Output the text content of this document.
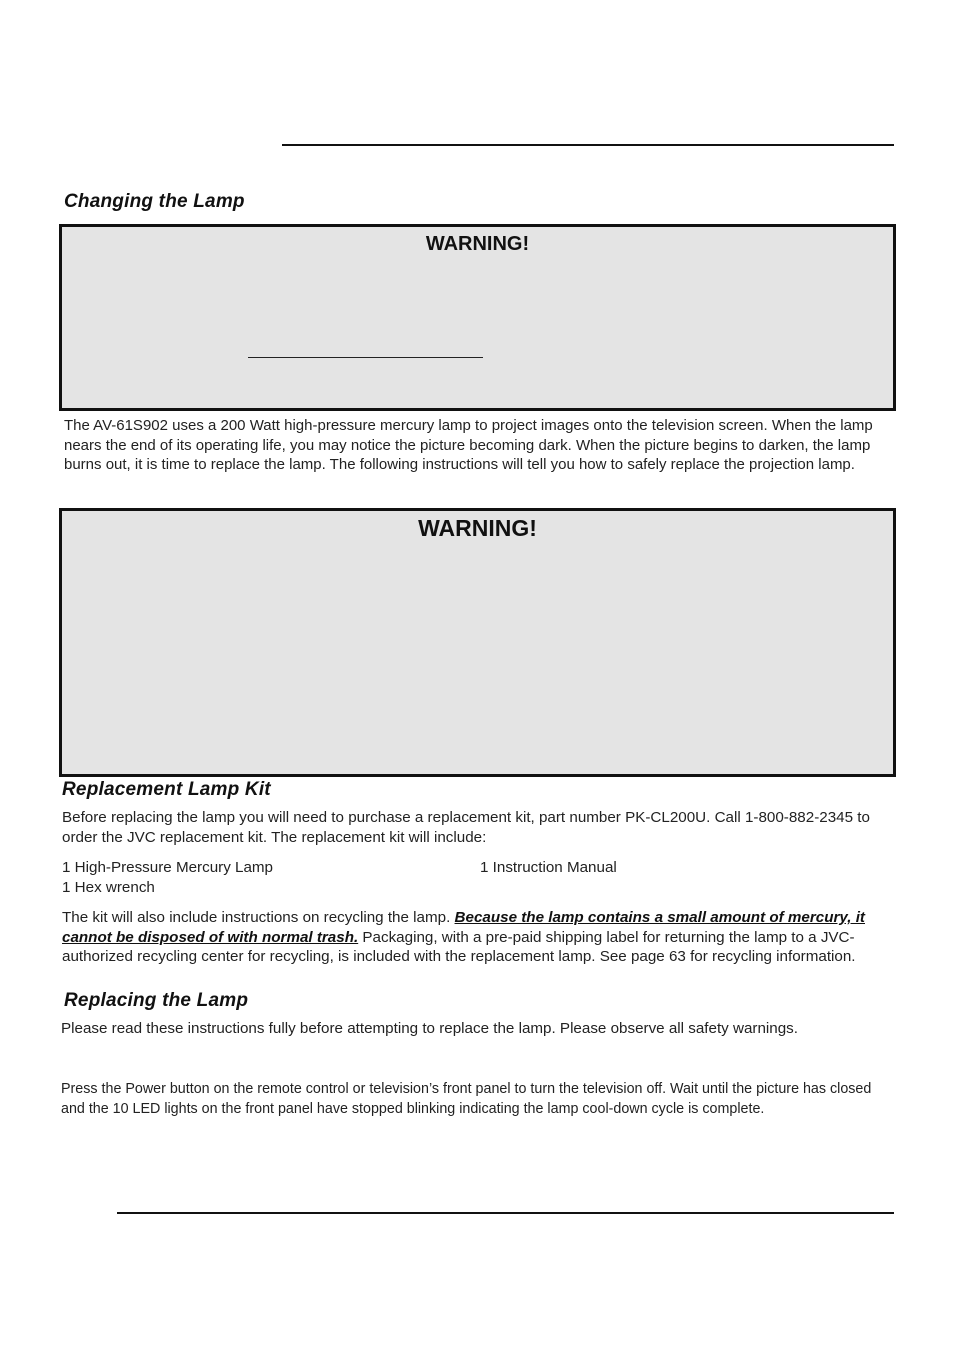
Changing the Lamp
WARNING!
The AV-61S902 uses a 200 Watt high-pressure mercury lamp to project images onto the television screen. When the lamp nears the end of its operating life, you may notice the picture becoming dark. When the picture begins to darken, the lamp burns out, it is time to replace the lamp. The following instructions will tell you how to safely replace the projection lamp.
WARNING!
Replacement Lamp Kit
Before replacing the lamp you will need to purchase a replacement kit, part number PK-CL200U. Call 1-800-882-2345 to order the JVC replacement kit. The replacement kit will include:
1 High-Pressure Mercury Lamp	1 Instruction Manual
1 Hex wrench
The kit will also include instructions on recycling the lamp. Because the lamp contains a small amount of mercury, it cannot be disposed of with normal trash. Packaging, with a pre-paid shipping label for returning the lamp to a JVC-authorized recycling center for recycling, is included with the replacement lamp. See page 63 for recycling information.
Replacing the Lamp
Please read these instructions fully before attempting to replace the lamp. Please observe all safety warnings.
Press the Power button on the remote control or television’s front panel to turn the television off. Wait until the picture has closed and the 10 LED lights on the front panel have stopped blinking indicating the lamp cool-down cycle is complete.
